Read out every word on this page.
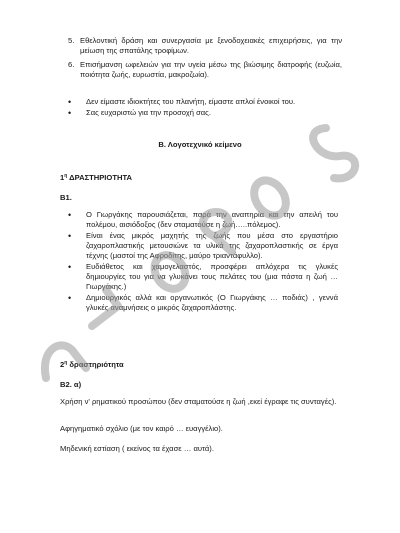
5. Εθελοντική δράση και συνεργασία με ξενοδοχειακές επιχειρήσεις, για την μείωση της σπατάλης τροφίμων.
6. Επισήμανση ωφελειών για την υγεία μέσω της βιώσιμης διατροφής (ευζωία, ποιότητα ζωής, ευρωστία, μακροζωία).
•	Δεν είμαστε ιδιοκτήτες του πλανήτη, είμαστε απλοί ένοικοί του.
•	Σας ευχαριστώ για την προσοχή σας.
Β. Λογοτεχνικό κείμενο
$1^\eta$ ΔΡΑΣΤΗΡΙΟΤΗΤΑ
Β1.
•	Ο Γιωργάκης παρουσιάζεται, παρά την αναπηρία και την απειλή του πολέμου, αισιόδοξος (δεν σταματούσε η ζωή…..πόλεμος).
•	Είναι ένας μικρός μαχητής της ζωής που μέσα στο εργαστήριο ζαχαροπλαστικής μετουσιώνε τα υλικά της ζαχαροπλαστικής σε έργα τέχνης (μαστοί της Αφροδίτης, μαύρο τριαντάφυλλο).
•	Ευδιάθετος και χαμογελαστός, προσφέρει απλόχερα τις γλυκές δημιουργίες του για να γλυκάνει τους πελάτες του (μια πάστα η ζωή … Γιωργάκης.)
•	Δημιουργικός αλλά και οργανωτικός (Ο Γιωργάκης … ποδιάς) , γεννά γλυκές αναμνήσεις ο μικρός ζαχαροπλάστης.
$2^\eta$ δραστηριότητα
Β2. α)
Χρήση ν' ρηματικού προσώπου (δεν σταματούσε η ζωή ,εκεί έγραφε τις συνταγές).
Αφηγηματικό σχόλιο (με τον καιρό … ευαγγέλιο).
Μηδενική εστίαση ( εκείνος τα έχασε … αυτά).
